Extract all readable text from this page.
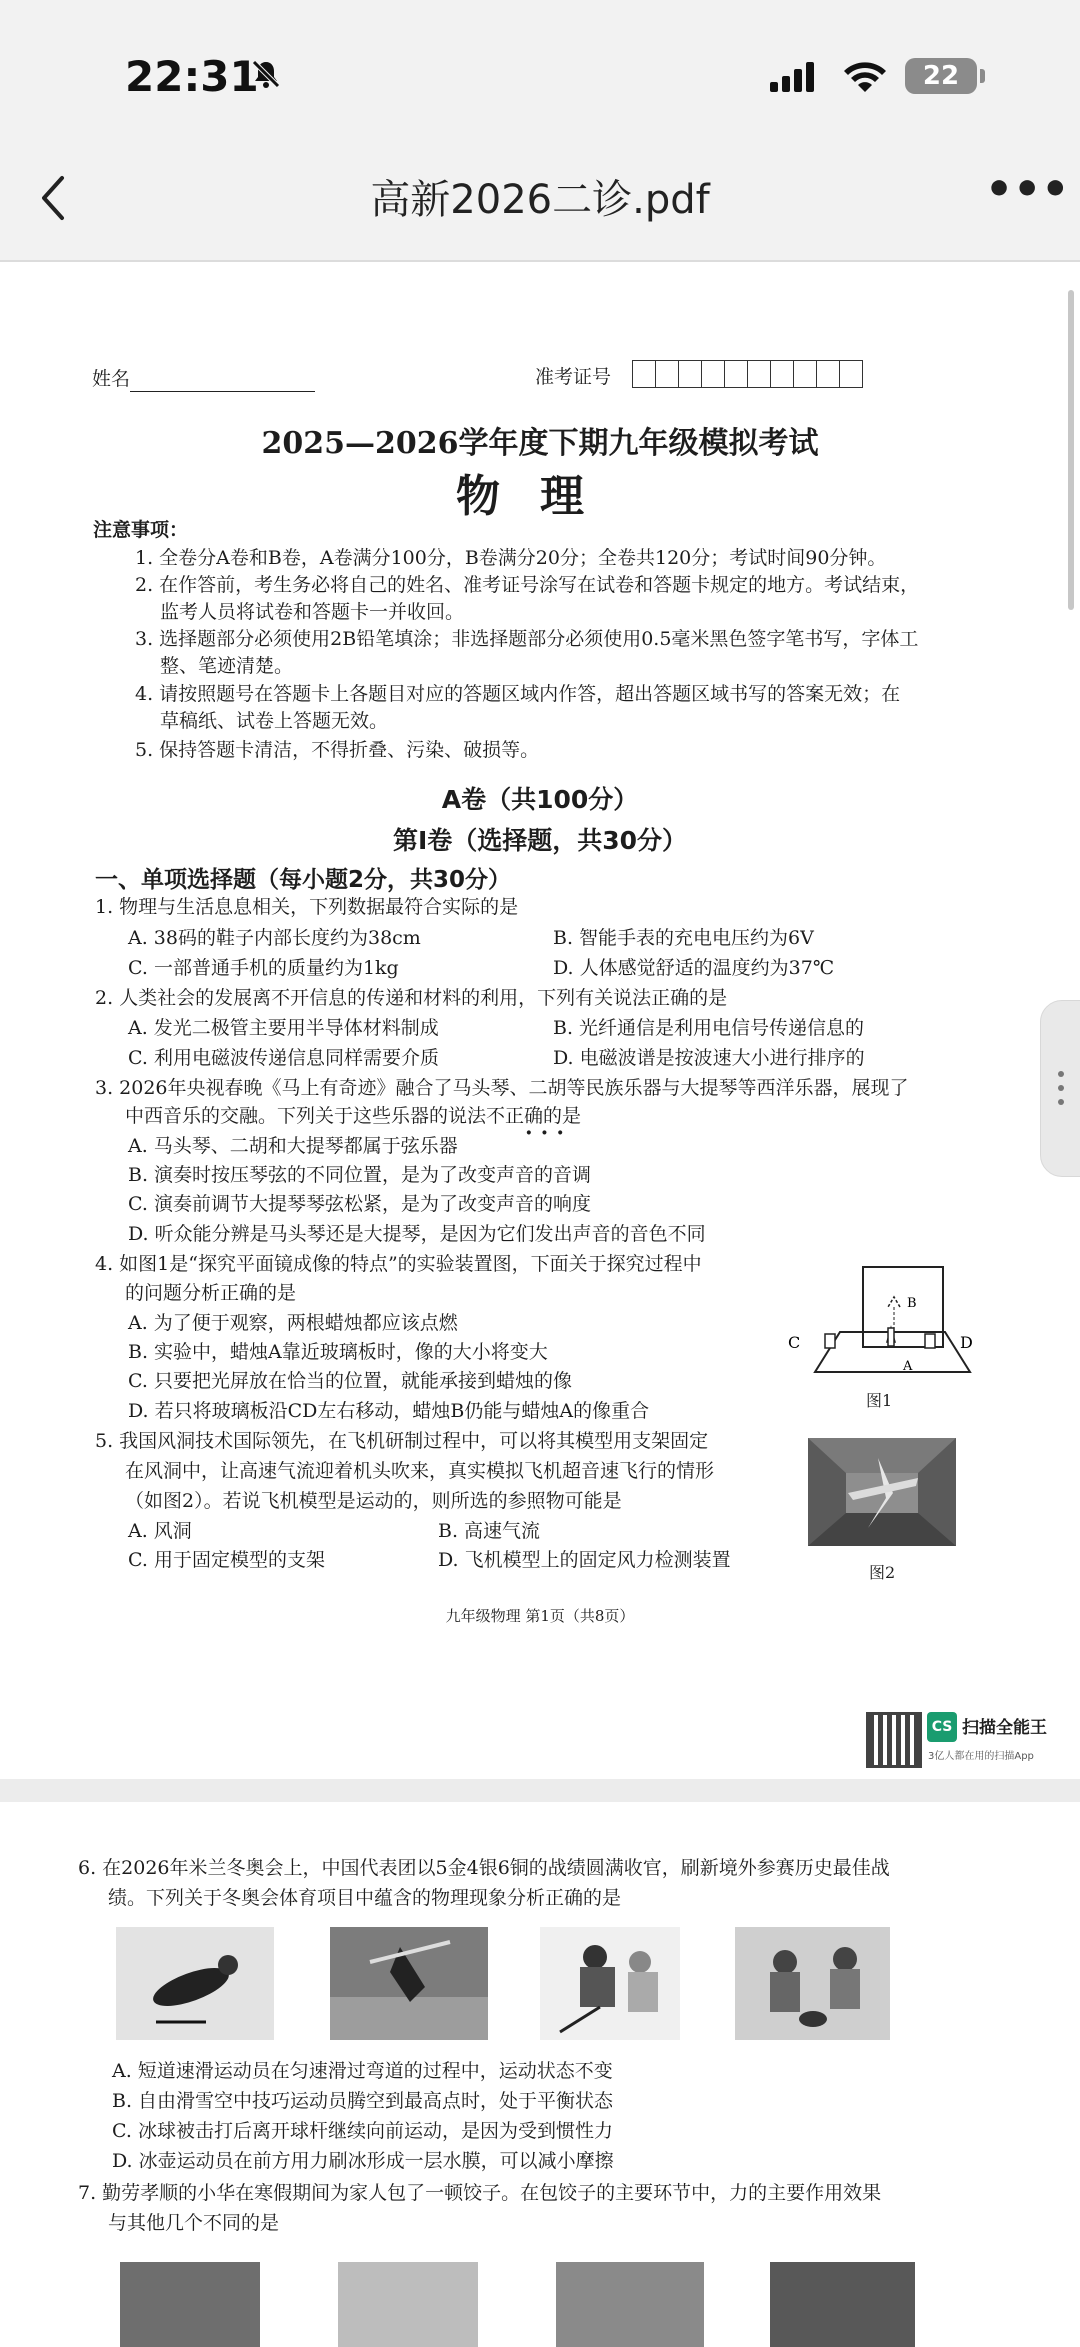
22:31	22
高新2026二诊.pdf	•••
姓名	准考证号
2025—2026学年度下期九年级模拟考试
物理
注意事项：
1. 全卷分A卷和B卷，A卷满分100分，B卷满分20分；全卷共120分；考试时间90分钟。
2. 在作答前，考生务必将自己的姓名、准考证号涂写在试卷和答题卡规定的地方。考试结束，
监考人员将试卷和答题卡一并收回。
3. 选择题部分必须使用2B铅笔填涂；非选择题部分必须使用0.5毫米黑色签字笔书写，字体工
整、笔迹清楚。
4. 请按照题号在答题卡上各题目对应的答题区域内作答，超出答题区域书写的答案无效；在
草稿纸、试卷上答题无效。
5. 保持答题卡清洁，不得折叠、污染、破损等。
A卷（共100分）
第Ⅰ卷（选择题，共30分）
一、单项选择题（每小题2分，共30分）
1. 物理与生活息息相关，下列数据最符合实际的是
A. 38码的鞋子内部长度约为38cm	B. 智能手表的充电电压约为6V
C. 一部普通手机的质量约为1kg	D. 人体感觉舒适的温度约为37℃
2. 人类社会的发展离不开信息的传递和材料的利用，下列有关说法正确的是
A. 发光二极管主要用半导体材料制成	B. 光纤通信是利用电信号传递信息的
C. 利用电磁波传递信息同样需要介质	D. 电磁波谱是按波速大小进行排序的
3. 2026年央视春晚《马上有奇迹》融合了马头琴、二胡等民族乐器与大提琴等西洋乐器，展现了
中西音乐的交融。下列关于这些乐器的说法不正确的是
···
A. 马头琴、二胡和大提琴都属于弦乐器
B. 演奏时按压琴弦的不同位置，是为了改变声音的音调
C. 演奏前调节大提琴琴弦松紧，是为了改变声音的响度
D. 听众能分辨是马头琴还是大提琴，是因为它们发出声音的音色不同
4. 如图1是“探究平面镜成像的特点”的实验装置图，下面关于探究过程中
的问题分析正确的是
A. 为了便于观察，两根蜡烛都应该点燃
B. 实验中，蜡烛A靠近玻璃板时，像的大小将变大
C. 只要把光屏放在恰当的位置，就能承接到蜡烛的像
D. 若只将玻璃板沿CD左右移动，蜡烛B仍能与蜡烛A的像重合
C	D
A
B
图1
5. 我国风洞技术国际领先，在飞机研制过程中，可以将其模型用支架固定
在风洞中，让高速气流迎着机头吹来，真实模拟飞机超音速飞行的情形
（如图2）。若说飞机模型是运动的，则所选的参照物可能是
A. 风洞	B. 高速气流
C. 用于固定模型的支架	D. 飞机模型上的固定风力检测装置
图2
九年级物理 第1页（共8页）
CS 扫描全能王
3亿人都在用的扫描App
6. 在2026年米兰冬奥会上，中国代表团以5金4银6铜的战绩圆满收官，刷新境外参赛历史最佳战
绩。下列关于冬奥会体育项目中蕴含的物理现象分析正确的是
A. 短道速滑运动员在匀速滑过弯道的过程中，运动状态不变
B. 自由滑雪空中技巧运动员腾空到最高点时，处于平衡状态
C. 冰球被击打后离开球杆继续向前运动，是因为受到惯性力
D. 冰壶运动员在前方用力刷冰形成一层水膜，可以减小摩擦
7. 勤劳孝顺的小华在寒假期间为家人包了一顿饺子。在包饺子的主要环节中，力的主要作用效果
与其他几个不同的是
